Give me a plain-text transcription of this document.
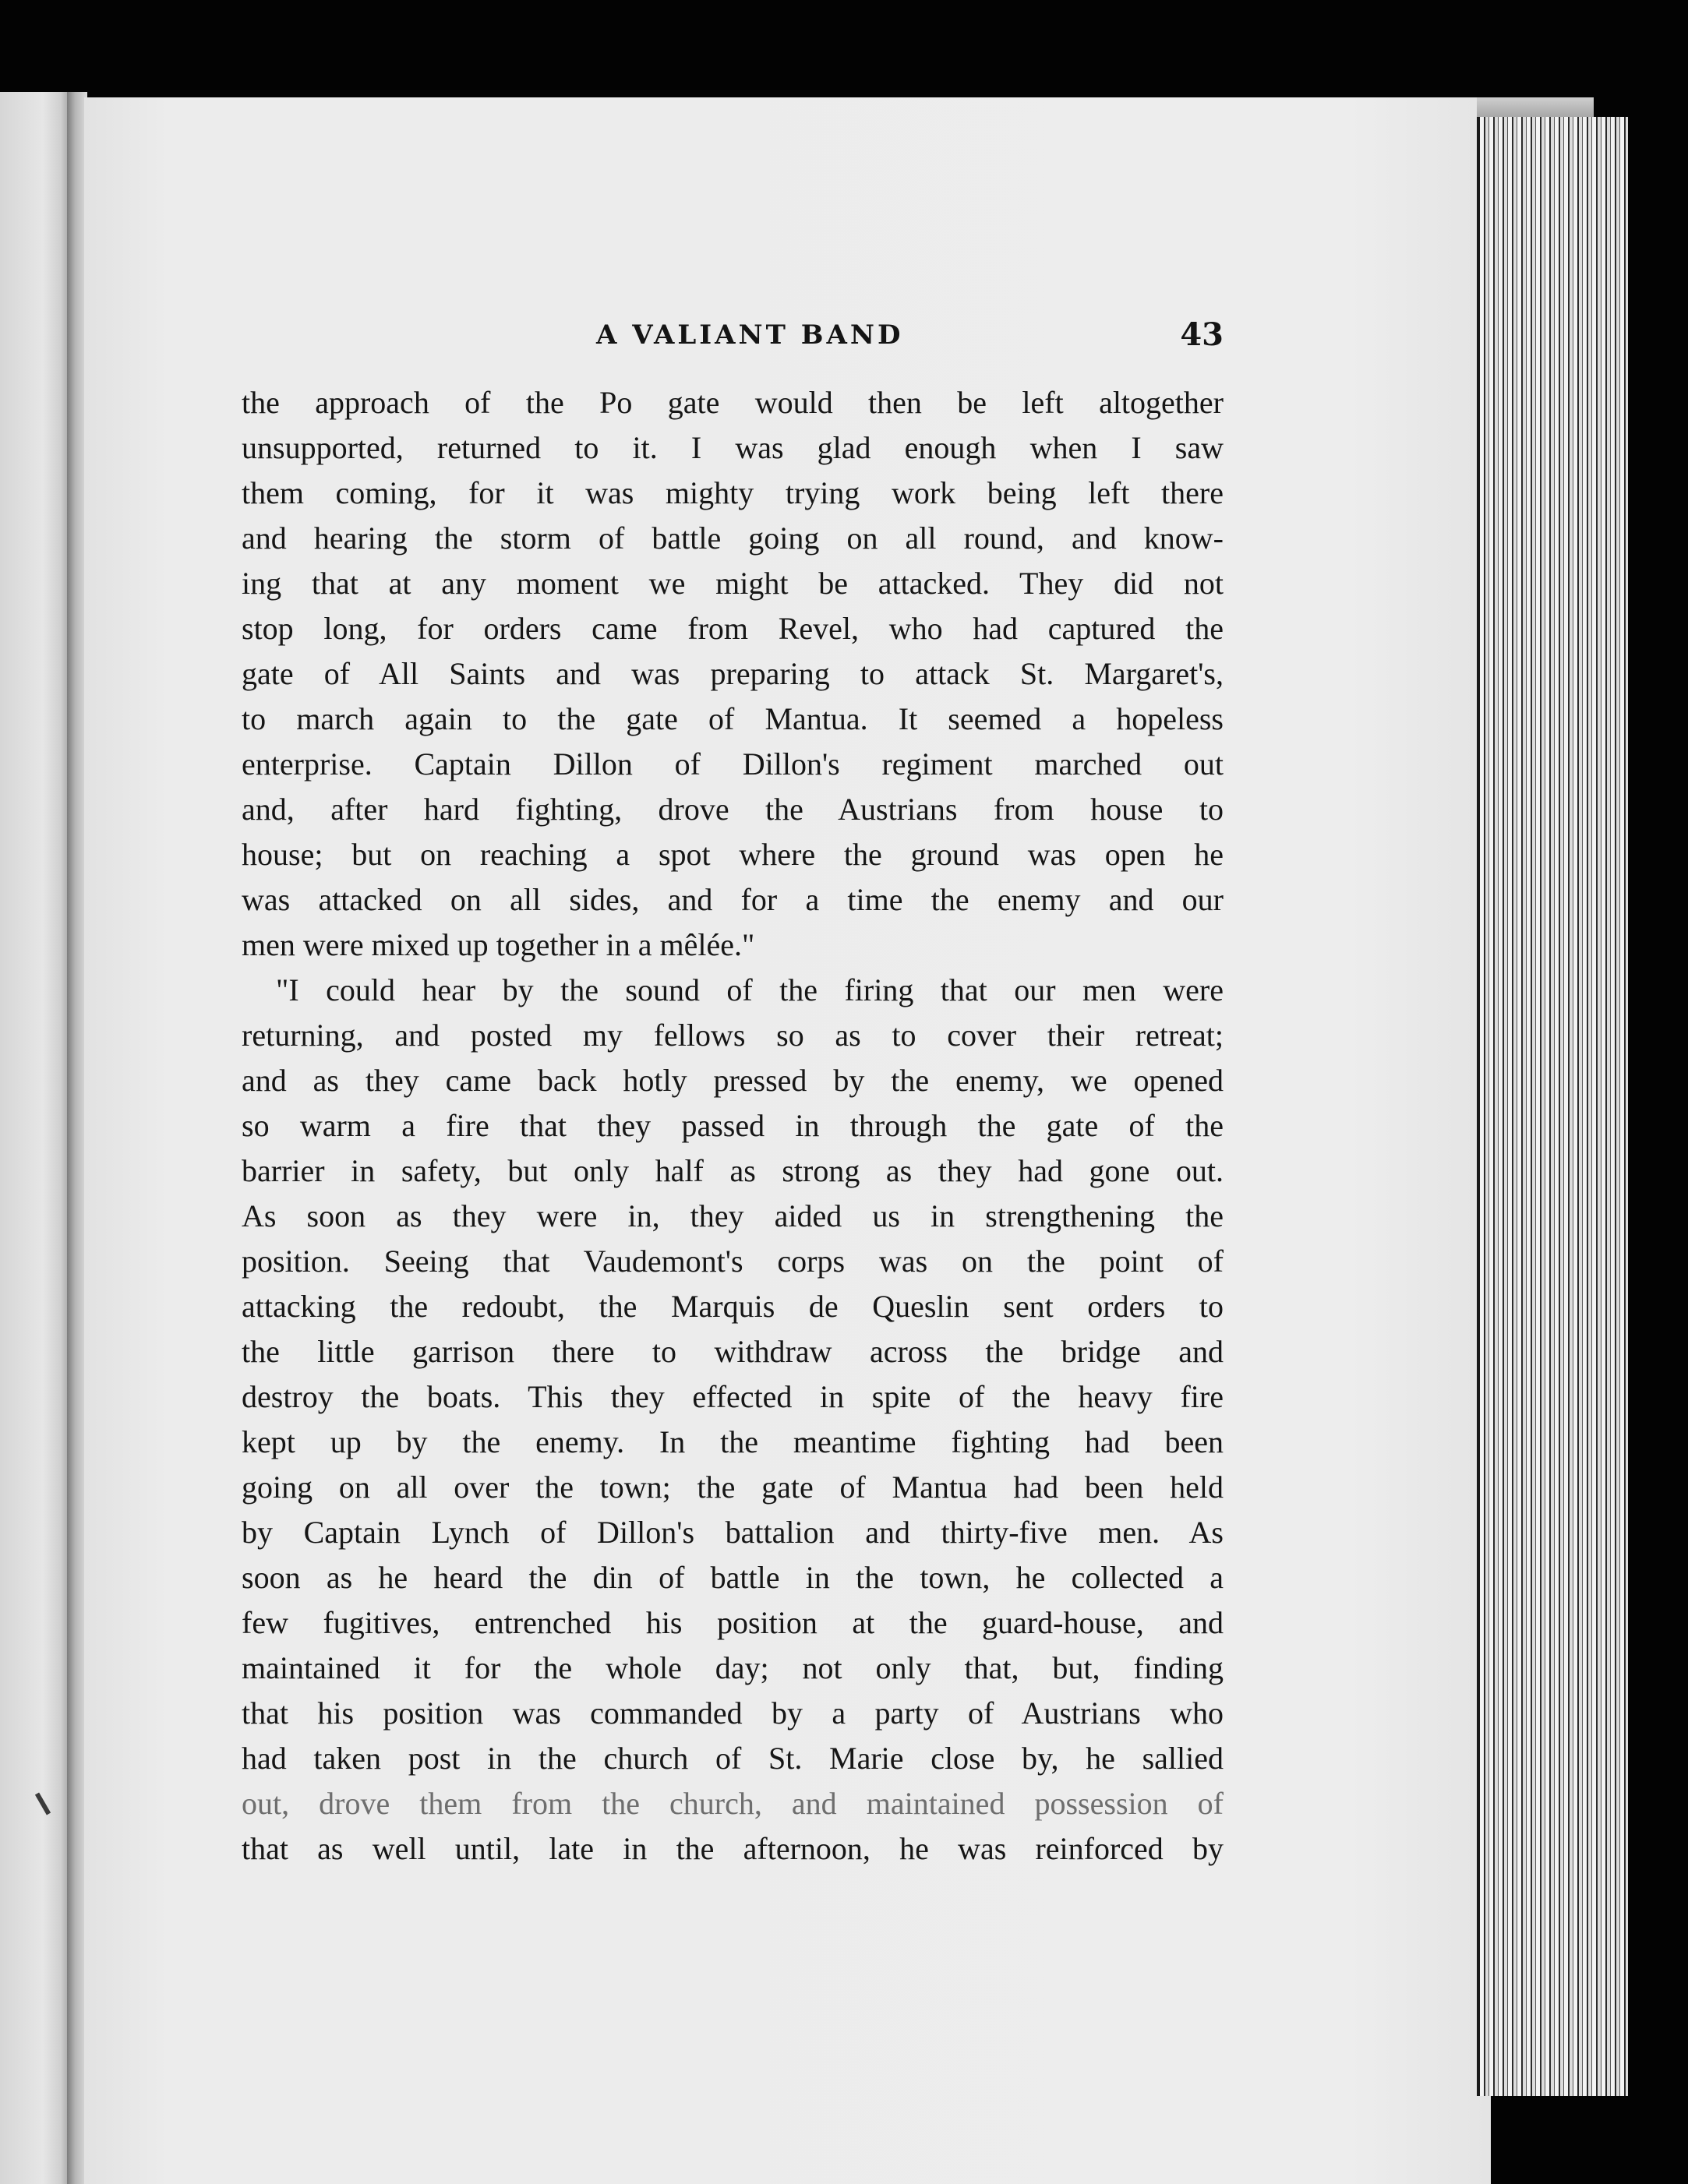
A VALIANT BAND	43
the approach of the Po gate would then be left altogether
unsupported, returned to it. I was glad enough when I saw
them coming, for it was mighty trying work being left there
and hearing the storm of battle going on all round, and know-
ing that at any moment we might be attacked. They did not
stop long, for orders came from Revel, who had captured the
gate of All Saints and was preparing to attack St. Margaret's,
to march again to the gate of Mantua. It seemed a hopeless
enterprise. Captain Dillon of Dillon's regiment marched out
and, after hard fighting, drove the Austrians from house to
house; but on reaching a spot where the ground was open he
was attacked on all sides, and for a time the enemy and our
men were mixed up together in a mêlée."
"I could hear by the sound of the firing that our men were
returning, and posted my fellows so as to cover their retreat;
and as they came back hotly pressed by the enemy, we opened
so warm a fire that they passed in through the gate of the
barrier in safety, but only half as strong as they had gone out.
As soon as they were in, they aided us in strengthening the
position. Seeing that Vaudemont's corps was on the point of
attacking the redoubt, the Marquis de Queslin sent orders to
the little garrison there to withdraw across the bridge and
destroy the boats. This they effected in spite of the heavy fire
kept up by the enemy. In the meantime fighting had been
going on all over the town; the gate of Mantua had been held
by Captain Lynch of Dillon's battalion and thirty-five men. As
soon as he heard the din of battle in the town, he collected a
few fugitives, entrenched his position at the guard-house, and
maintained it for the whole day; not only that, but, finding
that his position was commanded by a party of Austrians who
had taken post in the church of St. Marie close by, he sallied
out, drove them from the church, and maintained possession of
that as well until, late in the afternoon, he was reinforced by
